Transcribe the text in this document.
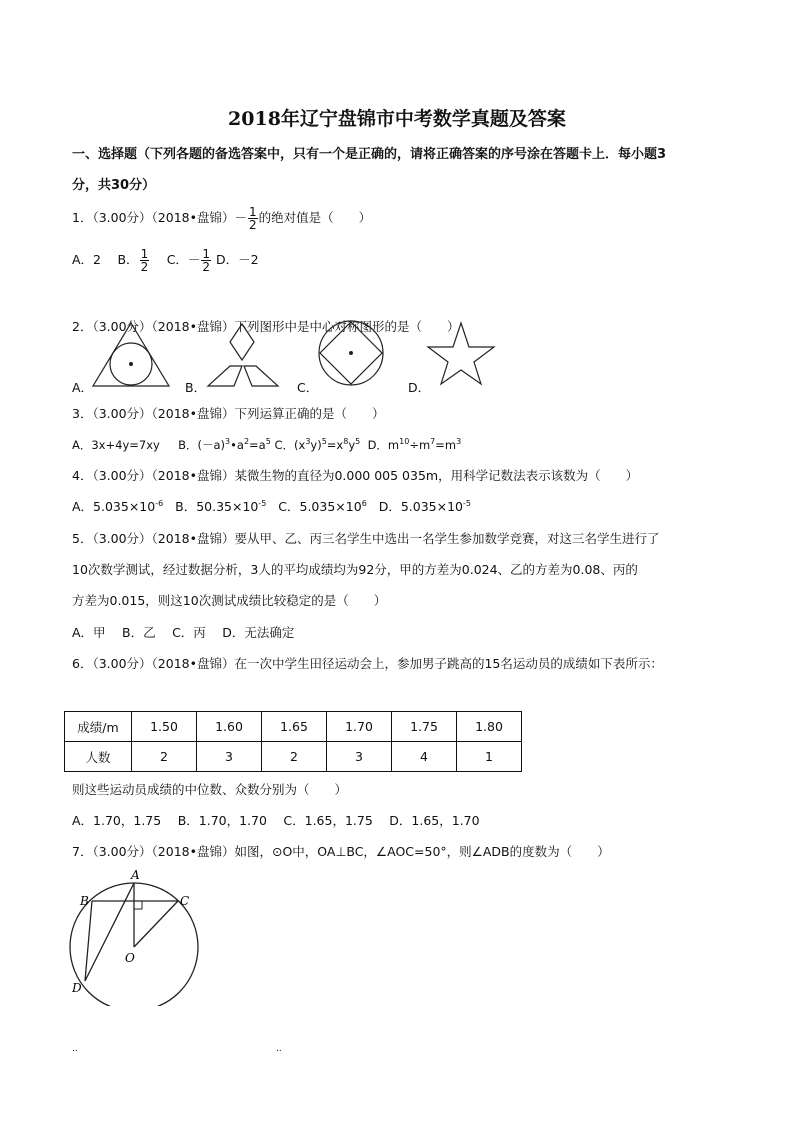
2018年辽宁盘锦市中考数学真题及答案
一、选择题（下列各题的备选答案中，只有一个是正确的，请将正确答案的序号涂在答题卡上．每小题3
分，共30分）
1．（3.00分）（2018•盘锦）－ $\frac{1}{2}$ 的绝对值是（　　）
A．2　 B． $\frac{1}{2}$
　 C．－ $\frac{1}{2}$ D．－2
2．（3.00分）（2018•盘锦）下列图形中是中心对称图形的是（　　）
A．	B．	C．	D．
3．（3.00分）（2018•盘锦）下列运算正确的是（　　）
A．3x+4y=7xy B．$(-a)^3•a^2=a^5$ C．$(x^3y)^5=x^8y^5$ D．$m^{10}\div m^7=m^3$
4．（3.00分）（2018•盘锦）某微生物的直径为0.000 005 035m，用科学记数法表示该数为（　　）
A．$5.035\times 10^{-6}$ B．$50.35\times 10^{-5}$ C．$5.035\times 10^6$ D．$5.035\times 10^{-5}$
5．（3.00分）（2018•盘锦）要从甲、乙、丙三名学生中选出一名学生参加数学竞赛，对这三名学生进行了
10次数学测试，经过数据分析，3人的平均成绩均为92分，甲的方差为0.024、乙的方差为0.08、丙的
方差为0.015，则这10次测试成绩比较稳定的是（　　）
A．甲　 B．乙　 C．丙　 D．无法确定
6．（3.00分）（2018•盘锦）在一次中学生田径运动会上，参加男子跳高的15名运动员的成绩如下表所示：
成绩/m	1.50	1.60	1.65	1.70	1.75	1.80
人数	2	3	2	3	4	1
则这些运动员成绩的中位数、众数分别为（　　）
A．1.70，1.75　 B．1.70，1.70　 C．1.65，1.75　 D．1.65，1.70
7．（3.00分）（2018•盘锦）如图，⊙O中，OA⊥BC，∠AOC=50°，则∠ADB的度数为（　　）
A
B	C
D
O
..	..
